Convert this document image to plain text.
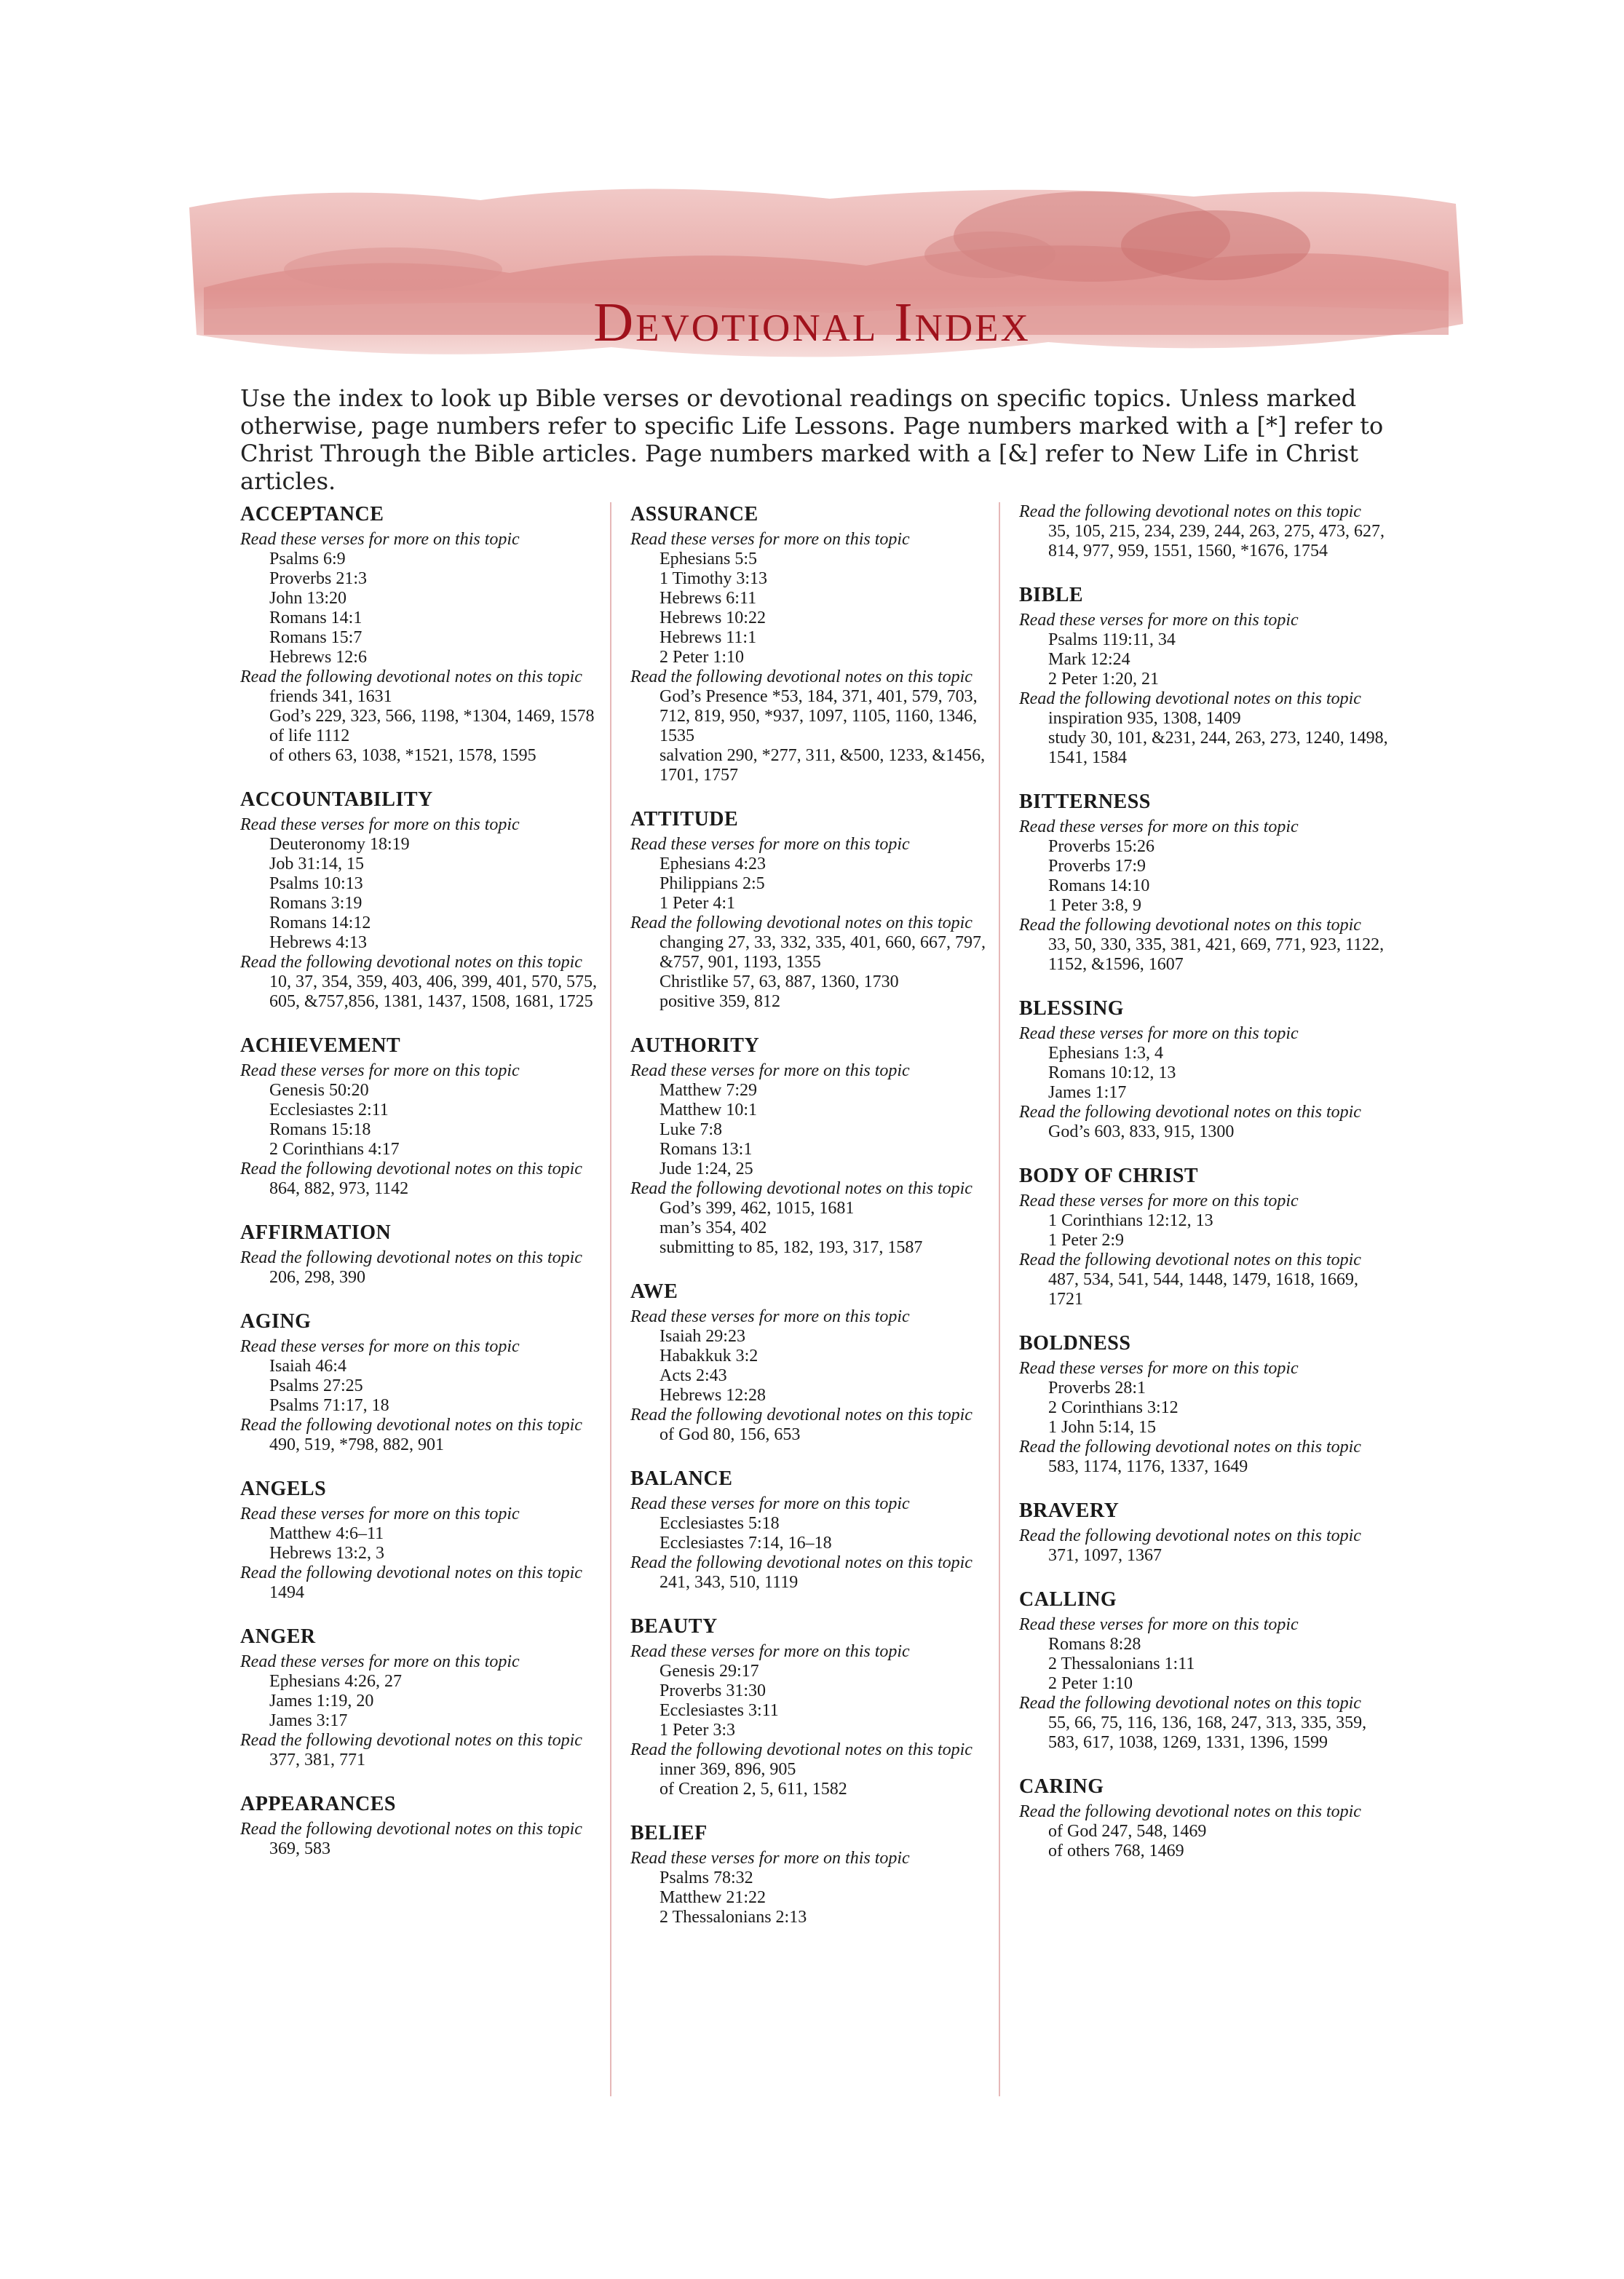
Devotional Index

Use the index to look up Bible verses or devotional readings on specific topics. Unless marked otherwise, page numbers refer to specific Life Lessons. Page numbers marked with a [*] refer to Christ Through the Bible articles. Page numbers marked with a [&] refer to New Life in Christ articles.

ACCEPTANCE
Read these verses for more on this topic
Psalms 6:9
Proverbs 21:3
John 13:20
Romans 14:1
Romans 15:7
Hebrews 12:6
Read the following devotional notes on this topic
friends 341, 1631
God’s 229, 323, 566, 1198, *1304, 1469, 1578
of life 1112
of others 63, 1038, *1521, 1578, 1595
ACCOUNTABILITY
Read these verses for more on this topic
Deuteronomy 18:19
Job 31:14, 15
Psalms 10:13
Romans 3:19
Romans 14:12
Hebrews 4:13
Read the following devotional notes on this topic
10, 37, 354, 359, 403, 406, 399, 401, 570, 575, 605, &757,856, 1381, 1437, 1508, 1681, 1725
ACHIEVEMENT
Read these verses for more on this topic
Genesis 50:20
Ecclesiastes 2:11
Romans 15:18
2 Corinthians 4:17
Read the following devotional notes on this topic
864, 882, 973, 1142
AFFIRMATION
Read the following devotional notes on this topic
206, 298, 390
AGING
Read these verses for more on this topic
Isaiah 46:4
Psalms 27:25
Psalms 71:17, 18
Read the following devotional notes on this topic
490, 519, *798, 882, 901
ANGELS
Read these verses for more on this topic
Matthew 4:6–11
Hebrews 13:2, 3
Read the following devotional notes on this topic
1494
ANGER
Read these verses for more on this topic
Ephesians 4:26, 27
James 1:19, 20
James 3:17
Read the following devotional notes on this topic
377, 381, 771
APPEARANCES
Read the following devotional notes on this topic
369, 583
ASSURANCE
Read these verses for more on this topic
Ephesians 5:5
1 Timothy 3:13
Hebrews 6:11
Hebrews 10:22
Hebrews 11:1
2 Peter 1:10
Read the following devotional notes on this topic
God’s Presence *53, 184, 371, 401, 579, 703, 712, 819, 950, *937, 1097, 1105, 1160, 1346, 1535
salvation 290, *277, 311, &500, 1233, &1456, 1701, 1757
ATTITUDE
Read these verses for more on this topic
Ephesians 4:23
Philippians 2:5
1 Peter 4:1
Read the following devotional notes on this topic
changing 27, 33, 332, 335, 401, 660, 667, 797, &757, 901, 1193, 1355
Christlike 57, 63, 887, 1360, 1730
positive 359, 812
AUTHORITY
Read these verses for more on this topic
Matthew 7:29
Matthew 10:1
Luke 7:8
Romans 13:1
Jude 1:24, 25
Read the following devotional notes on this topic
God’s 399, 462, 1015, 1681
man’s 354, 402
submitting to 85, 182, 193, 317, 1587
AWE
Read these verses for more on this topic
Isaiah 29:23
Habakkuk 3:2
Acts 2:43
Hebrews 12:28
Read the following devotional notes on this topic
of God 80, 156, 653
BALANCE
Read these verses for more on this topic
Ecclesiastes 5:18
Ecclesiastes 7:14, 16–18
Read the following devotional notes on this topic
241, 343, 510, 1119
BEAUTY
Read these verses for more on this topic
Genesis 29:17
Proverbs 31:30
Ecclesiastes 3:11
1 Peter 3:3
Read the following devotional notes on this topic
inner 369, 896, 905
of Creation 2, 5, 611, 1582
BELIEF
Read these verses for more on this topic
Psalms 78:32
Matthew 21:22
2 Thessalonians 2:13
Read the following devotional notes on this topic
35, 105, 215, 234, 239, 244, 263, 275, 473, 627, 814, 977, 959, 1551, 1560, *1676, 1754
BIBLE
Read these verses for more on this topic
Psalms 119:11, 34
Mark 12:24
2 Peter 1:20, 21
Read the following devotional notes on this topic
inspiration 935, 1308, 1409
study 30, 101, &231, 244, 263, 273, 1240, 1498, 1541, 1584
BITTERNESS
Read these verses for more on this topic
Proverbs 15:26
Proverbs 17:9
Romans 14:10
1 Peter 3:8, 9
Read the following devotional notes on this topic
33, 50, 330, 335, 381, 421, 669, 771, 923, 1122, 1152, &1596, 1607
BLESSING
Read these verses for more on this topic
Ephesians 1:3, 4
Romans 10:12, 13
James 1:17
Read the following devotional notes on this topic
God’s 603, 833, 915, 1300
BODY OF CHRIST
Read these verses for more on this topic
1 Corinthians 12:12, 13
1 Peter 2:9
Read the following devotional notes on this topic
487, 534, 541, 544, 1448, 1479, 1618, 1669, 1721
BOLDNESS
Read these verses for more on this topic
Proverbs 28:1
2 Corinthians 3:12
1 John 5:14, 15
Read the following devotional notes on this topic
583, 1174, 1176, 1337, 1649
BRAVERY
Read the following devotional notes on this topic
371, 1097, 1367
CALLING
Read these verses for more on this topic
Romans 8:28
2 Thessalonians 1:11
2 Peter 1:10
Read the following devotional notes on this topic
55, 66, 75, 116, 136, 168, 247, 313, 335, 359, 583, 617, 1038, 1269, 1331, 1396, 1599
CARING
Read the following devotional notes on this topic
of God 247, 548, 1469
of others 768, 1469
